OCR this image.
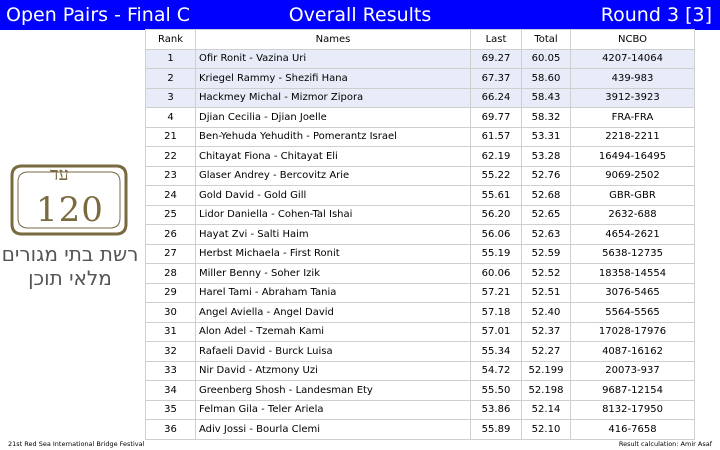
Open Pairs - Final C	Overall Results	Round 3 [3]
עד
120
רשת בתי מגורים
מלאי תוכן
Rank	Names	Last	Total	NCBO
1	Ofir Ronit - Vazina Uri	69.27	60.05	4207-14064
2	Kriegel Rammy - Shezifi Hana	67.37	58.60	439-983
3	Hackmey Michal - Mizmor Zipora	66.24	58.43	3912-3923
4	Djian Cecilia - Djian Joelle	69.77	58.32	FRA-FRA
21	Ben-Yehuda Yehudith - Pomerantz Israel	61.57	53.31	2218-2211
22	Chitayat Fiona - Chitayat Eli	62.19	53.28	16494-16495
23	Glaser Andrey - Bercovitz Arie	55.22	52.76	9069-2502
24	Gold David - Gold Gill	55.61	52.68	GBR-GBR
25	Lidor Daniella - Cohen-Tal Ishai	56.20	52.65	2632-688
26	Hayat Zvi - Salti Haim	56.06	52.63	4654-2621
27	Herbst Michaela - First Ronit	55.19	52.59	5638-12735
28	Miller Benny - Soher Izik	60.06	52.52	18358-14554
29	Harel Tami - Abraham Tania	57.21	52.51	3076-5465
30	Angel Aviella - Angel David	57.18	52.40	5564-5565
31	Alon Adel - Tzemah Kami	57.01	52.37	17028-17976
32	Rafaeli David - Burck Luisa	55.34	52.27	4087-16162
33	Nir David - Atzmony Uzi	54.72	52.199	20073-937
34	Greenberg Shosh - Landesman Ety	55.50	52.198	9687-12154
35	Felman Gila - Teler Ariela	53.86	52.14	8132-17950
36	Adiv Jossi - Bourla Clemi	55.89	52.10	416-7658
21st Red Sea International Bridge Festival	Result calculation: Amir Asaf
